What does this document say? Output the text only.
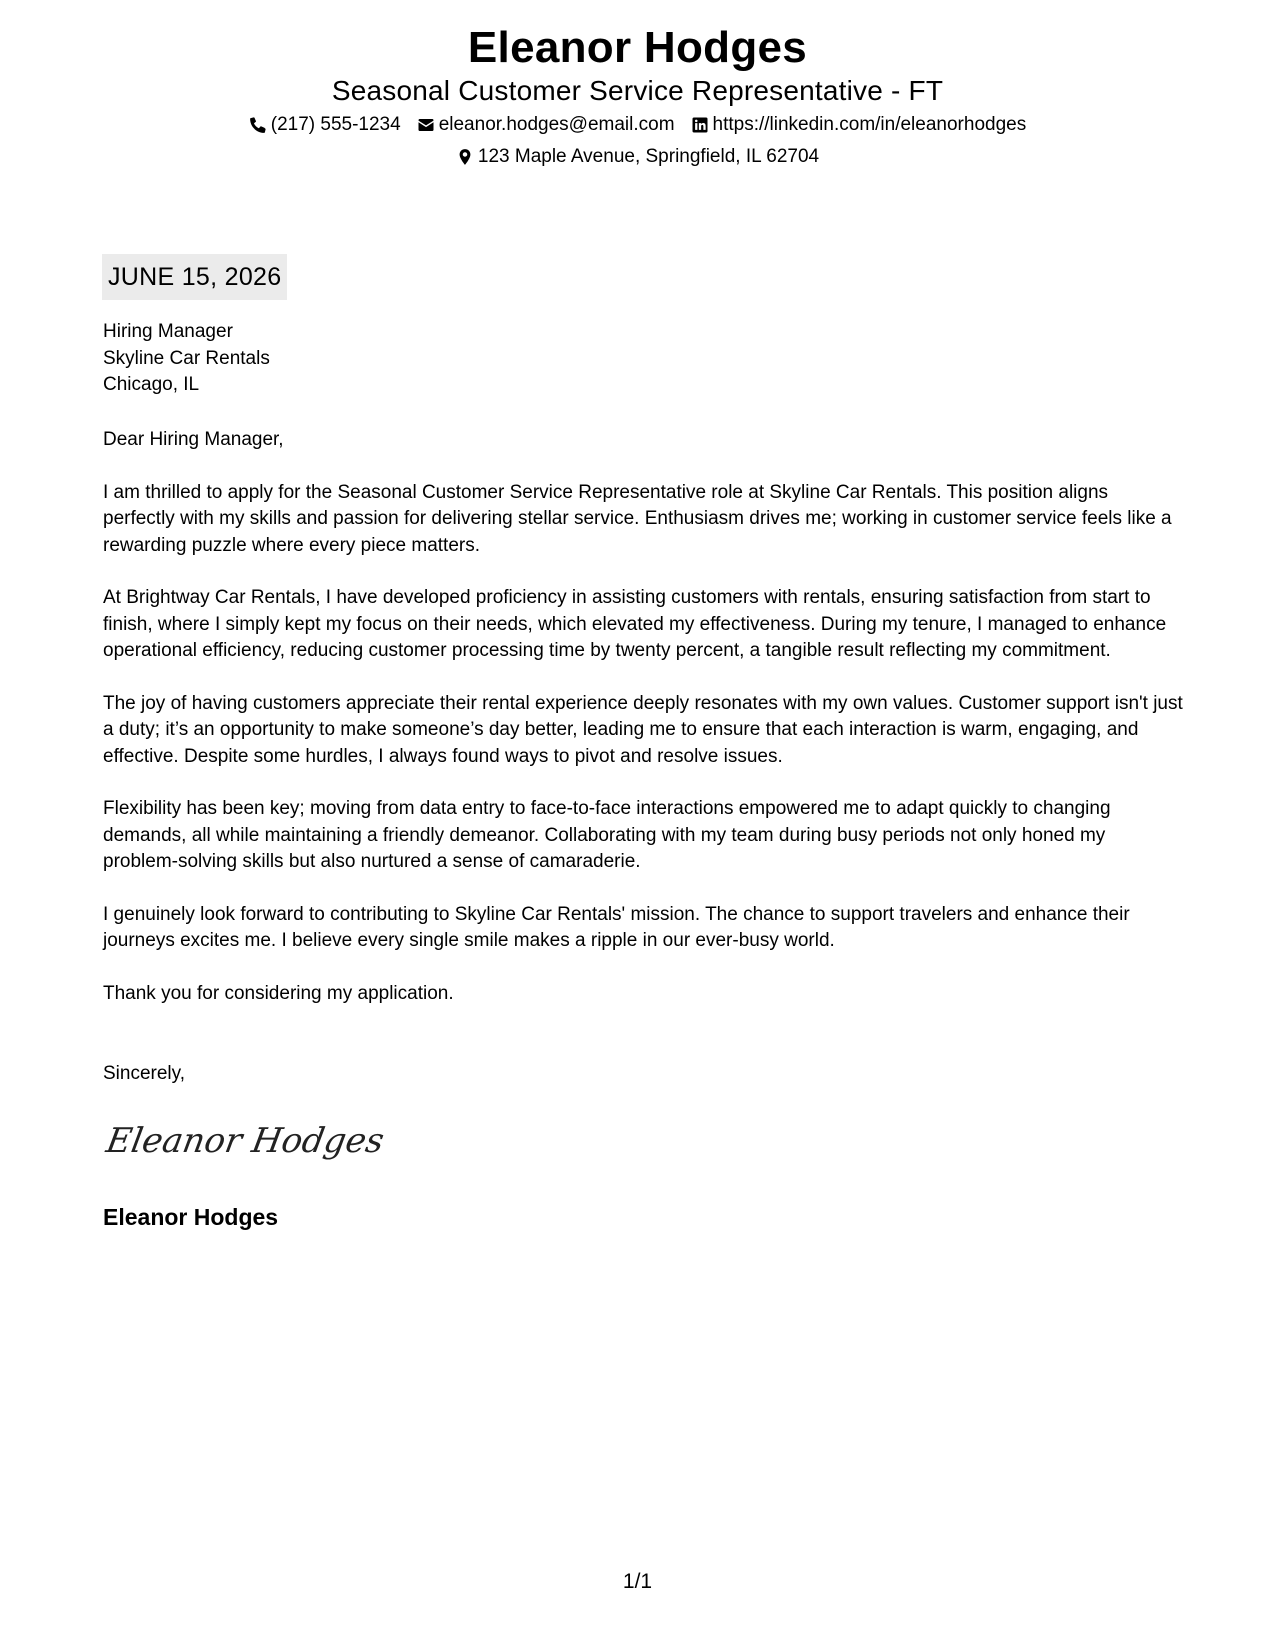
Eleanor Hodges
Seasonal Customer Service Representative - FT
(217) 555-1234 eleanor.hodges@email.com https://linkedin.com/in/eleanorhodges
123 Maple Avenue, Springfield, IL 62704
JUNE 15, 2026
Hiring Manager
Skyline Car Rentals
Chicago, IL

Dear Hiring Manager,

I am thrilled to apply for the Seasonal Customer Service Representative role at Skyline Car Rentals. This position aligns perfectly with my skills and passion for delivering stellar service. Enthusiasm drives me; working in customer service feels like a rewarding puzzle where every piece matters.

At Brightway Car Rentals, I have developed proficiency in assisting customers with rentals, ensuring satisfaction from start to finish, where I simply kept my focus on their needs, which elevated my effectiveness. During my tenure, I managed to enhance operational efficiency, reducing customer processing time by twenty percent, a tangible result reflecting my commitment.

The joy of having customers appreciate their rental experience deeply resonates with my own values. Customer support isn't just a duty; it’s an opportunity to make someone’s day better, leading me to ensure that each interaction is warm, engaging, and effective. Despite some hurdles, I always found ways to pivot and resolve issues.

Flexibility has been key; moving from data entry to face-to-face interactions empowered me to adapt quickly to changing demands, all while maintaining a friendly demeanor. Collaborating with my team during busy periods not only honed my problem-solving skills but also nurtured a sense of camaraderie.

I genuinely look forward to contributing to Skyline Car Rentals' mission. The chance to support travelers and enhance their journeys excites me. I believe every single smile makes a ripple in our ever-busy world.

Thank you for considering my application.

Sincerely,
Eleanor Hodges
Eleanor Hodges
1/1
